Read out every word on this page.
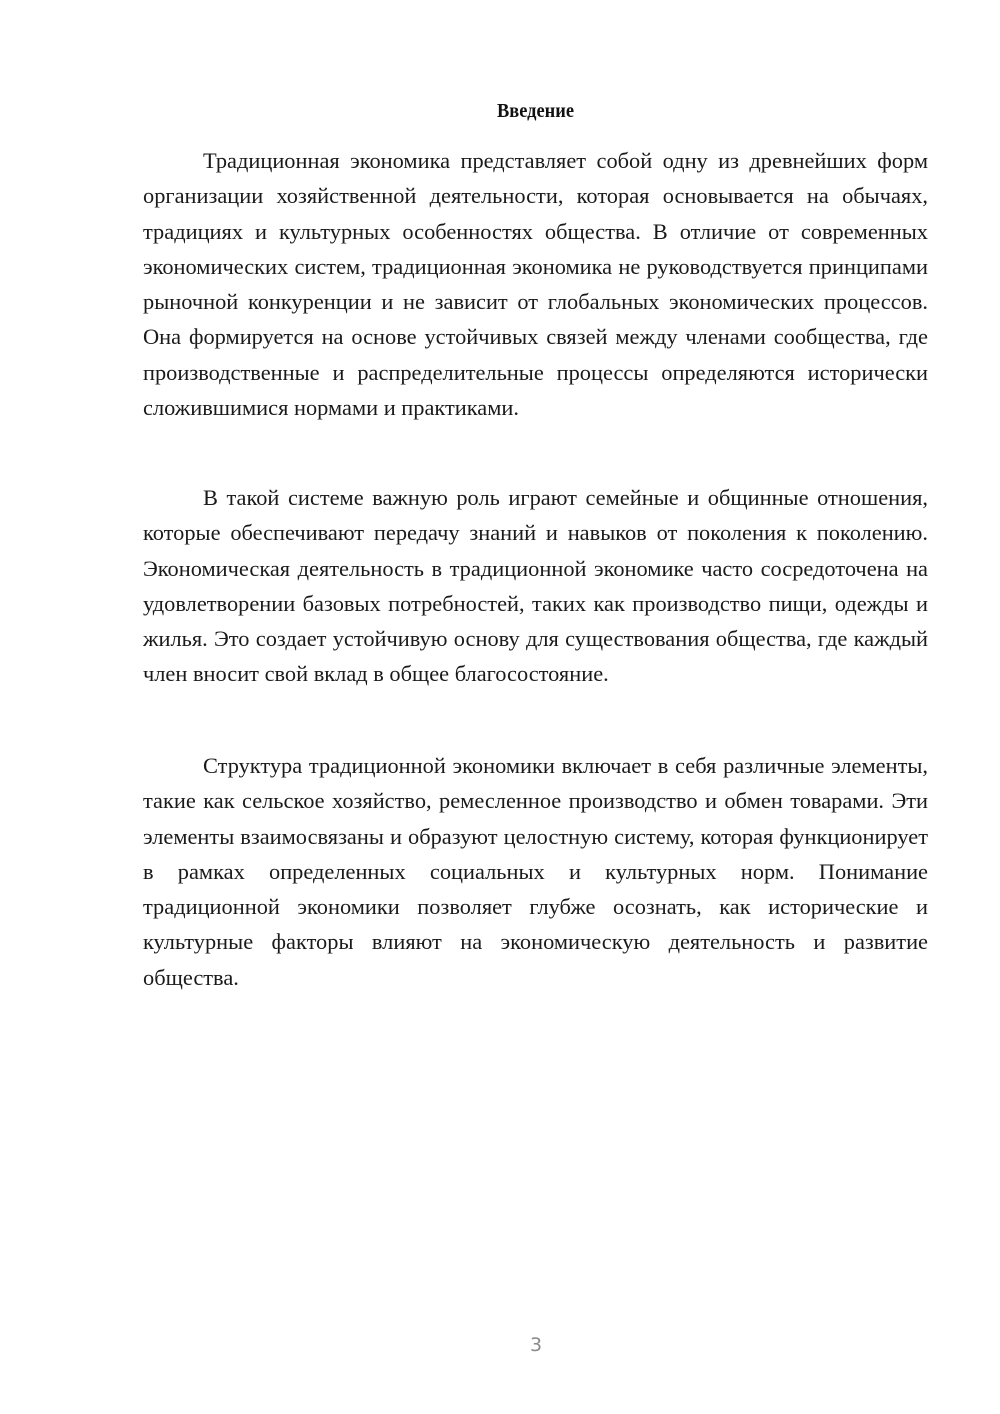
Введение

Традиционная экономика представляет собой одну из древнейших форм организации хозяйственной деятельности, которая основывается на обычаях, традициях и культурных особенностях общества. В отличие от современных экономических систем, традиционная экономика не руководствуется принципами рыночной конкуренции и не зависит от глобальных экономических процессов. Она формируется на основе устойчивых связей между членами сообщества, где производственные и распределительные процессы определяются исторически сложившимися нормами и практиками.

В такой системе важную роль играют семейные и общинные отношения, которые обеспечивают передачу знаний и навыков от поколения к поколению. Экономическая деятельность в традиционной экономике часто сосредоточена на удовлетворении базовых потребностей, таких как производство пищи, одежды и жилья. Это создает устойчивую основу для существования общества, где каждый член вносит свой вклад в общее благосостояние.

Структура традиционной экономики включает в себя различные элементы, такие как сельское хозяйство, ремесленное производство и обмен товарами. Эти элементы взаимосвязаны и образуют целостную систему, которая функционирует в рамках определенных социальных и культурных норм. Понимание традиционной экономики позволяет глубже осознать, как исторические и культурные факторы влияют на экономическую деятельность и развитие общества.

3
